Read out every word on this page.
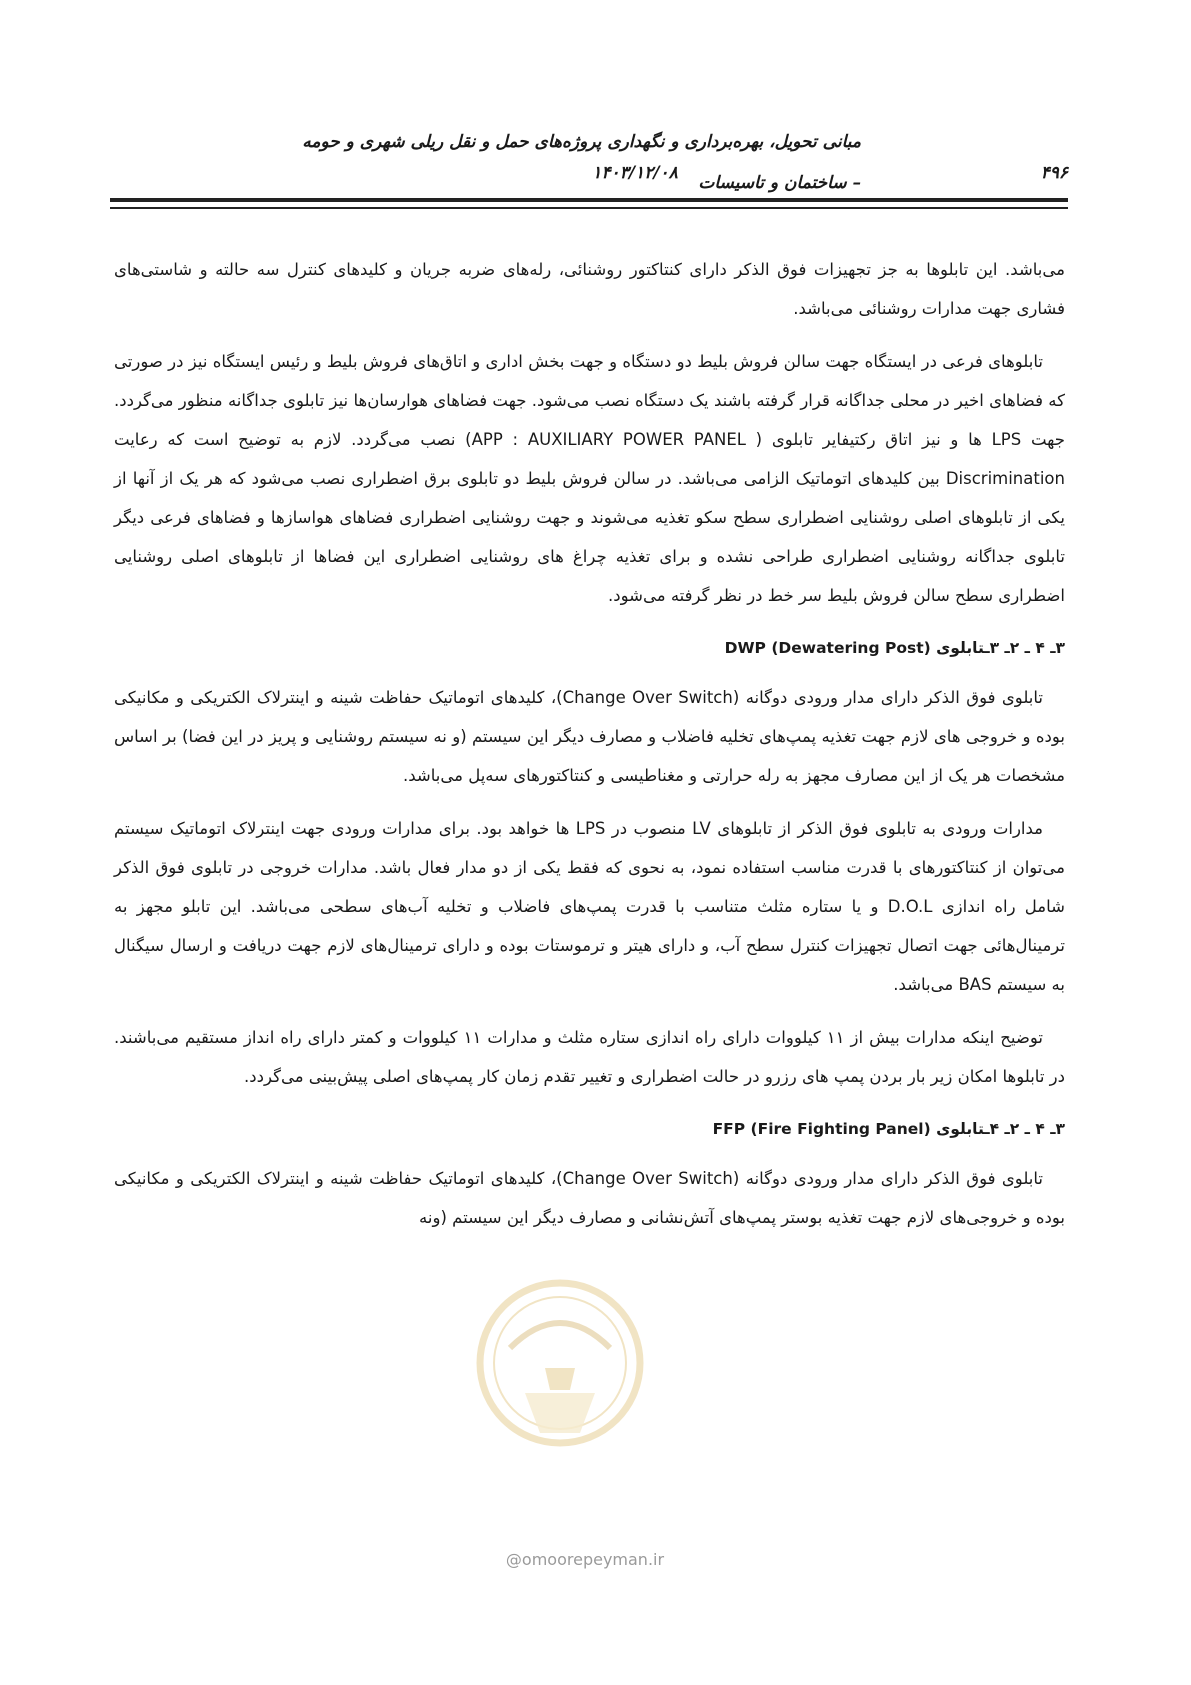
مبانی تحویل، بهره‌برداری و نگهداری پروژه‌های حمل و نقل ریلی شهری و حومه – ساختمان و تاسیسات
۱۴۰۳/۱۲/۰۸	۴۹۶

می‌باشد. این تابلوها به جز تجهیزات فوق الذکر دارای کنتاکتور روشنائی، رله‌های ضربه جریان و کلیدهای کنترل سه حالته و شاستی‌های فشاری جهت مدارات روشنائی می‌باشد.

تابلوهای فرعی در ایستگاه جهت سالن فروش بلیط دو دستگاه و جهت بخش اداری و اتاق‌های فروش بلیط و رئیس ایستگاه نیز در صورتی که فضاهای اخیر در محلی جداگانه قرار گرفته باشند یک دستگاه نصب می‌شود. جهت فضاهای هوارسان‌ها نیز تابلوی جداگانه منظور می‌گردد. جهت LPS ها و نیز اتاق رکتیفایر تابلوی ( APP : AUXILIARY POWER PANEL) نصب می‌گردد. لازم به توضیح است که رعایت Discrimination بین کلیدهای اتوماتیک الزامی می‌باشد. در سالن فروش بلیط دو تابلوی برق اضطراری نصب می‌شود که هر یک از آنها از یکی از تابلوهای اصلی روشنایی اضطراری سطح سکو تغذیه می‌شوند و جهت روشنایی اضطراری فضاهای هواسازها و فضاهای فرعی دیگر تابلوی جداگانه روشنایی اضطراری طراحی نشده و برای تغذیه چراغ های روشنایی اضطراری این فضاها از تابلوهای اصلی روشنایی اضطراری سطح سالن فروش بلیط سر خط در نظر گرفته می‌شود.

۳ـ ۴ ـ ۲ـ ۳ـتابلوی DWP (Dewatering Post)

تابلوی فوق الذکر دارای مدار ورودی دوگانه (Change Over Switch)، کلیدهای اتوماتیک حفاظت شینه و اینترلاک الکتریکی و مکانیکی بوده و خروجی های لازم جهت تغذیه پمپ‌های تخلیه فاضلاب و مصارف دیگر این سیستم (و نه سیستم روشنایی و پریز در این فضا) بر اساس مشخصات هر یک از این مصارف مجهز به رله حرارتی و مغناطیسی و کنتاکتورهای سه‌پل می‌باشد.

مدارات ورودی به تابلوی فوق الذکر از تابلوهای LV منصوب در LPS ها خواهد بود. برای مدارات ورودی جهت اینترلاک اتوماتیک سیستم می‌توان از کنتاکتورهای با قدرت مناسب استفاده نمود، به نحوی که فقط یکی از دو مدار فعال باشد. مدارات خروجی در تابلوی فوق الذکر شامل راه اندازی D.O.L و یا ستاره مثلث متناسب با قدرت پمپ‌های فاضلاب و تخلیه آب‌های سطحی می‌باشد. این تابلو مجهز به ترمینال‌هائی جهت اتصال تجهیزات کنترل سطح آب، و دارای هیتر و ترموستات بوده و دارای ترمینال‌های لازم جهت دریافت و ارسال سیگنال به سیستم BAS می‌باشد.

توضیح اینکه مدارات بیش از ۱۱ کیلووات دارای راه اندازی ستاره مثلث و مدارات ۱۱ کیلووات و کمتر دارای راه انداز مستقیم می‌باشند. در تابلوها امکان زیر بار بردن پمپ های رزرو در حالت اضطراری و تغییر تقدم زمان کار پمپ‌های اصلی پیش‌بینی می‌گردد.

۳ـ ۴ ـ ۲ـ ۴ـتابلوی FFP (Fire Fighting Panel)

تابلوی فوق الذکر دارای مدار ورودی دوگانه (Change Over Switch)، کلیدهای اتوماتیک حفاظت شینه و اینترلاک الکتریکی و مکانیکی بوده و خروجی‌های لازم جهت تغذیه بوستر پمپ‌های آتش‌نشانی و مصارف دیگر این سیستم (ونه

@omoorepeyman.ir
